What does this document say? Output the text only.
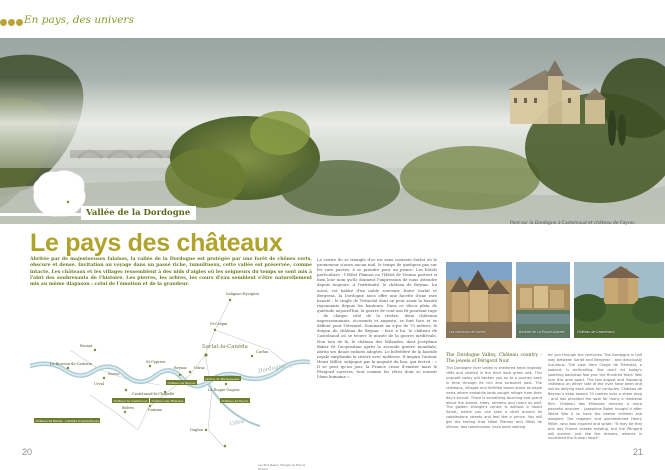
En pays, des univers
Pont sur la Dordogne à Castelnaud et château de Fayrac.
Vallée de la Dordogne
Le pays des châteaux

Abritée par de majestueuses falaises, la vallée de la Dordogne est protégée par une forêt de chênes verts, obscure et dense. Invitation au voyage dans un passé riche, tumultueux, cette vallée est préservée, comme intacte. Les châteaux et les villages ressemblent à des nids d'aigles où les seigneurs du temps se sont mis à l'abri des soubresauts de l'histoire. Les pierres, les arbres, les cours d'eau semblent s'être naturellement mis au même diapason : celui de l'émotion et de la grandeur.

Salignac-Eyvigues
St-Crépin
Sarlat-la-Canéda
Paunat
Le Buisson-de-Cadouin
Urval
St-Cyprien
Beynac Vitrac
Carlux
Belvès
Castelnaud-la-Chapelle
La Roque-Gageac
Domme
Siorac
Daglan
Dordogne
Céou
Jardins de Marqueyssac
Château de Beynac
Château de Castelnaud	Château des Milandes	Château de Fayrac
Château de Belvès · habitats troglodytiques
Les Plus Beaux Villages de France
Unesco

Le centre de se triangle d'or est sans conteste Sarlat où le promeneur n'aura aucun mal, le temps de quelques pas sur les rues pavées, à se prendre pour un prince. Les hôtels particuliers : l'Hôtel Plamon ou l'Hôtel de Vienne portent si bien leur nom qu'ils donnent l'impression de nous attendre depuis toujours. A l'extrémité, le château de Beynac, lui aussi, est habité d'un noble souvenir. Entre Sarlat et Bergerac, la Dordogne nous offre une facette d'une rare beauté : le cingle de Trémolat dont on peut saisir la beauté rayonnante depuis les hauteurs. Dans ce décor plein de quiétude aujourd'hui, la guerre de cent ans fit pourtant rage : de chaque côté de la rivière, deux châteaux impressionnants, écossants et auguste, se font face et se défient pour l'éternité. Dominant un à-pic de 70 mètres, le donjon du château de Beynac : face à lui, le château de Castelnaud où se trouve le musée de la guerre médiévale. Non loin de là, le château des Milandes, dont Joséphine Baker fit l'acquisition après la seconde guerre mondiale, abrita ses douze enfants adoptés. Le belvédère de la bastide royale surplombe la rivière avec noblesse. Il inspira l'auteur Henri Miller, subjugué par la majesté du lieu, qui écrivit : « Il se peut qu'un jour, la France cesse d'exister mais le Périgord survivra, tout comme les rêves dont se nourrit l'âme humaine ».

Les hauteurs de Sarlat	Bastide de La Roque-Gageac	Château de Castelnaud
The Dordogne Valley, Château country - The jewels of Périgord Noir.
The Dordogne river valley is sheltered amid majestic cliffs and nestled in the thick dark green oak. This unspoilt valley will beckon you on to a journey back in time through its rich and turbulent past. The châteaux, villages and fortified towns stand as eagle nests where erstwhile lords sought refuge from their day's tumult. There is something touching and grand about the stones, trees, streams and rivers as well. The golden triangle's centre is without a doubt Sarlat, where you can take a stroll around its cobblestone streets and feel like a prince. You will get the feeling that Hôtel Plamon and Hôtel de Vienne, two townhouses, have been waiting

for you through the centuries. The Dordogne is half way between Sarlat and Bergerac - and deliciously luxurious. The view from Cingle de Trémolat, a lookout, is enthralling. But don't let today's soothing backdrop fool you: the Hundred Years' War tore this area apart. The two august and imposing châteaux on either side of the river have been and will be defying each other for centuries. Château de Beynac's keep towers 70 metres over a sheer drop - and has provided the spot for many a medieval film. Château des Milandes remains a more peaceful acquirer - Josephine Baker bought it after World War II to have the twelve children she adopted. The majestic and overwhelmed Henry Miller, who was inspired and wrote: "It may be that one day France ceases existing, but the Périgord will survive, just like the dreams, whence is nourished the human heart".

20	21
